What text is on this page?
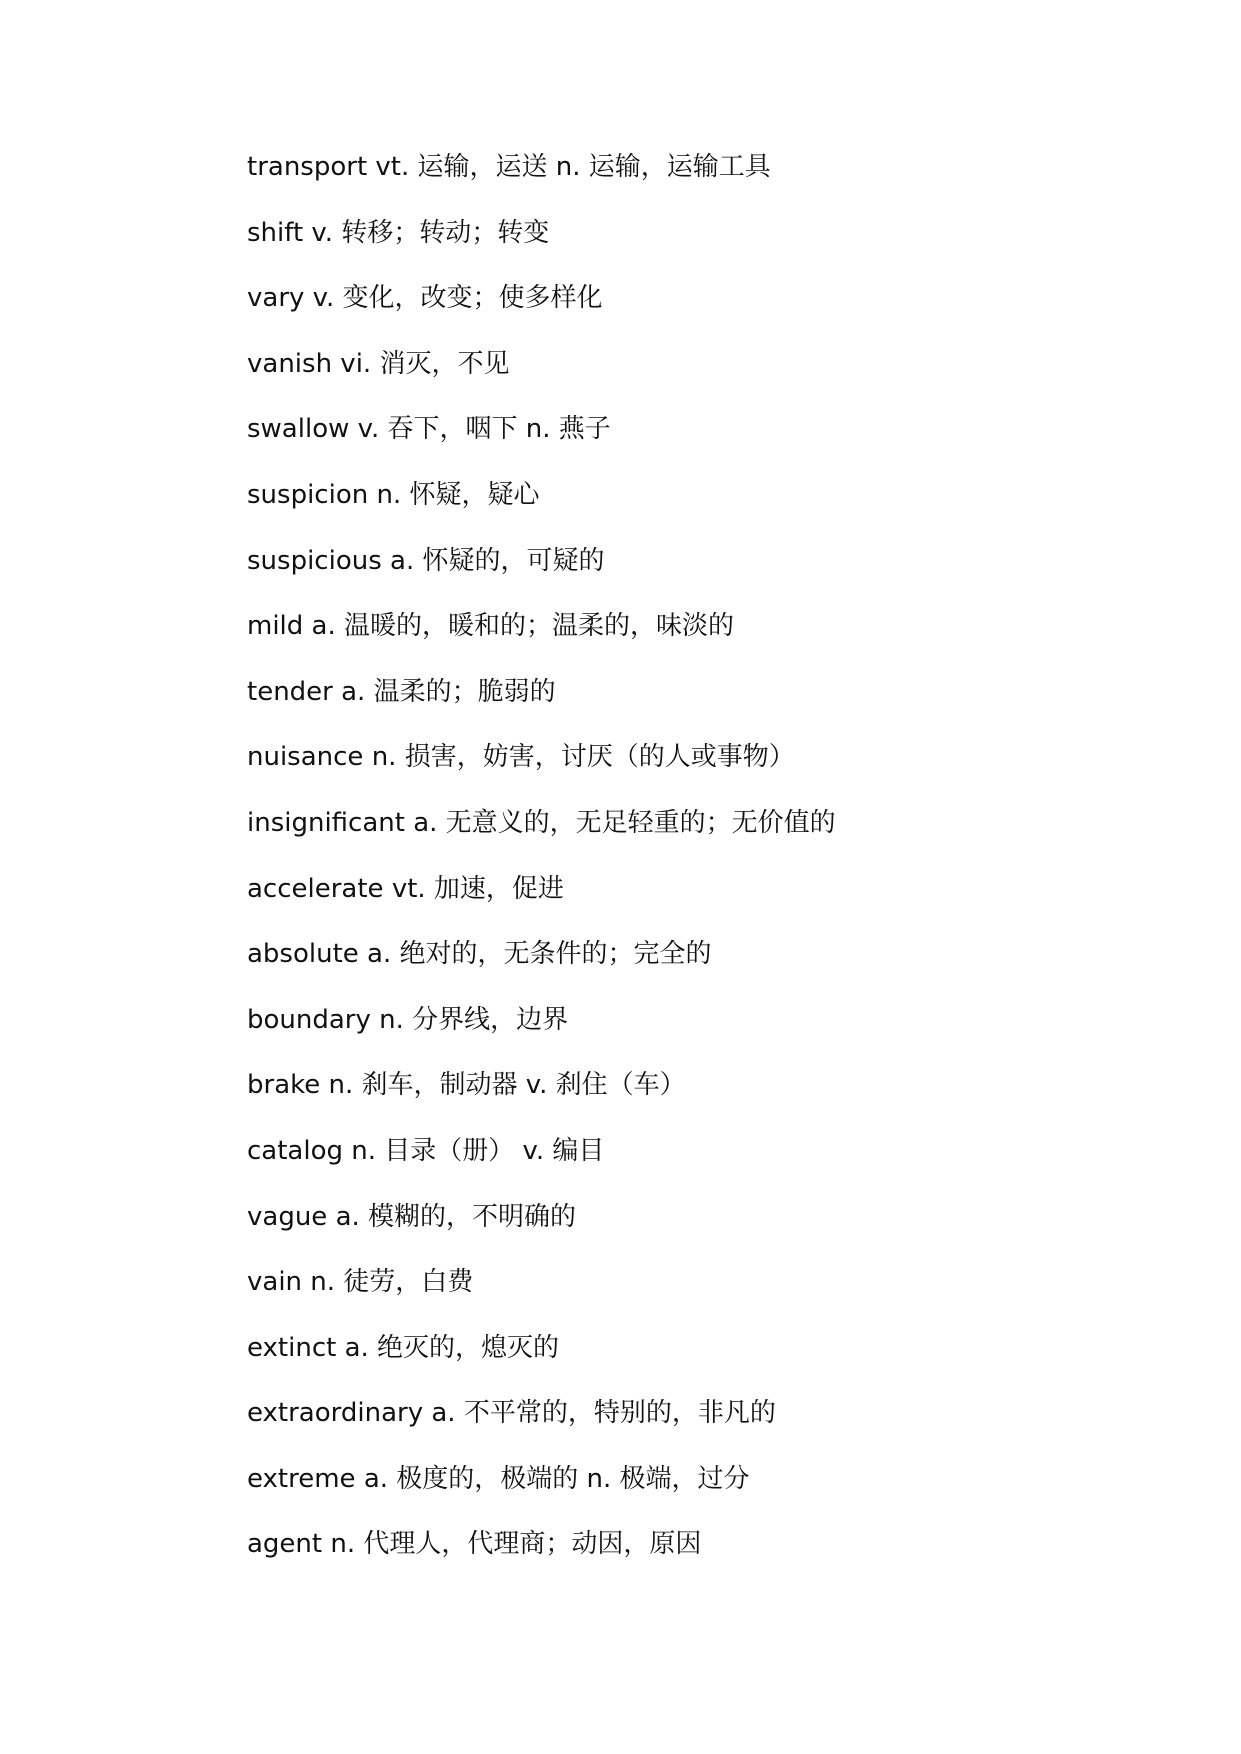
transport vt. 运输，运送 n. 运输，运输工具
shift v. 转移；转动；转变
vary v. 变化，改变；使多样化
vanish vi. 消灭，不见
swallow v. 吞下，咽下 n. 燕子
suspicion n. 怀疑，疑心
suspicious a. 怀疑的，可疑的
mild a. 温暖的，暖和的；温柔的，味淡的
tender a. 温柔的；脆弱的
nuisance n. 损害，妨害，讨厌（的人或事物）
insignificant a. 无意义的，无足轻重的；无价值的
accelerate vt. 加速，促进
absolute a. 绝对的，无条件的；完全的
boundary n. 分界线，边界
brake n. 刹车，制动器 v. 刹住（车）
catalog n. 目录（册） v. 编目
vague a. 模糊的，不明确的
vain n. 徒劳，白费
extinct a. 绝灭的，熄灭的
extraordinary a. 不平常的，特别的，非凡的
extreme a. 极度的，极端的 n. 极端，过分
agent n. 代理人，代理商；动因，原因
